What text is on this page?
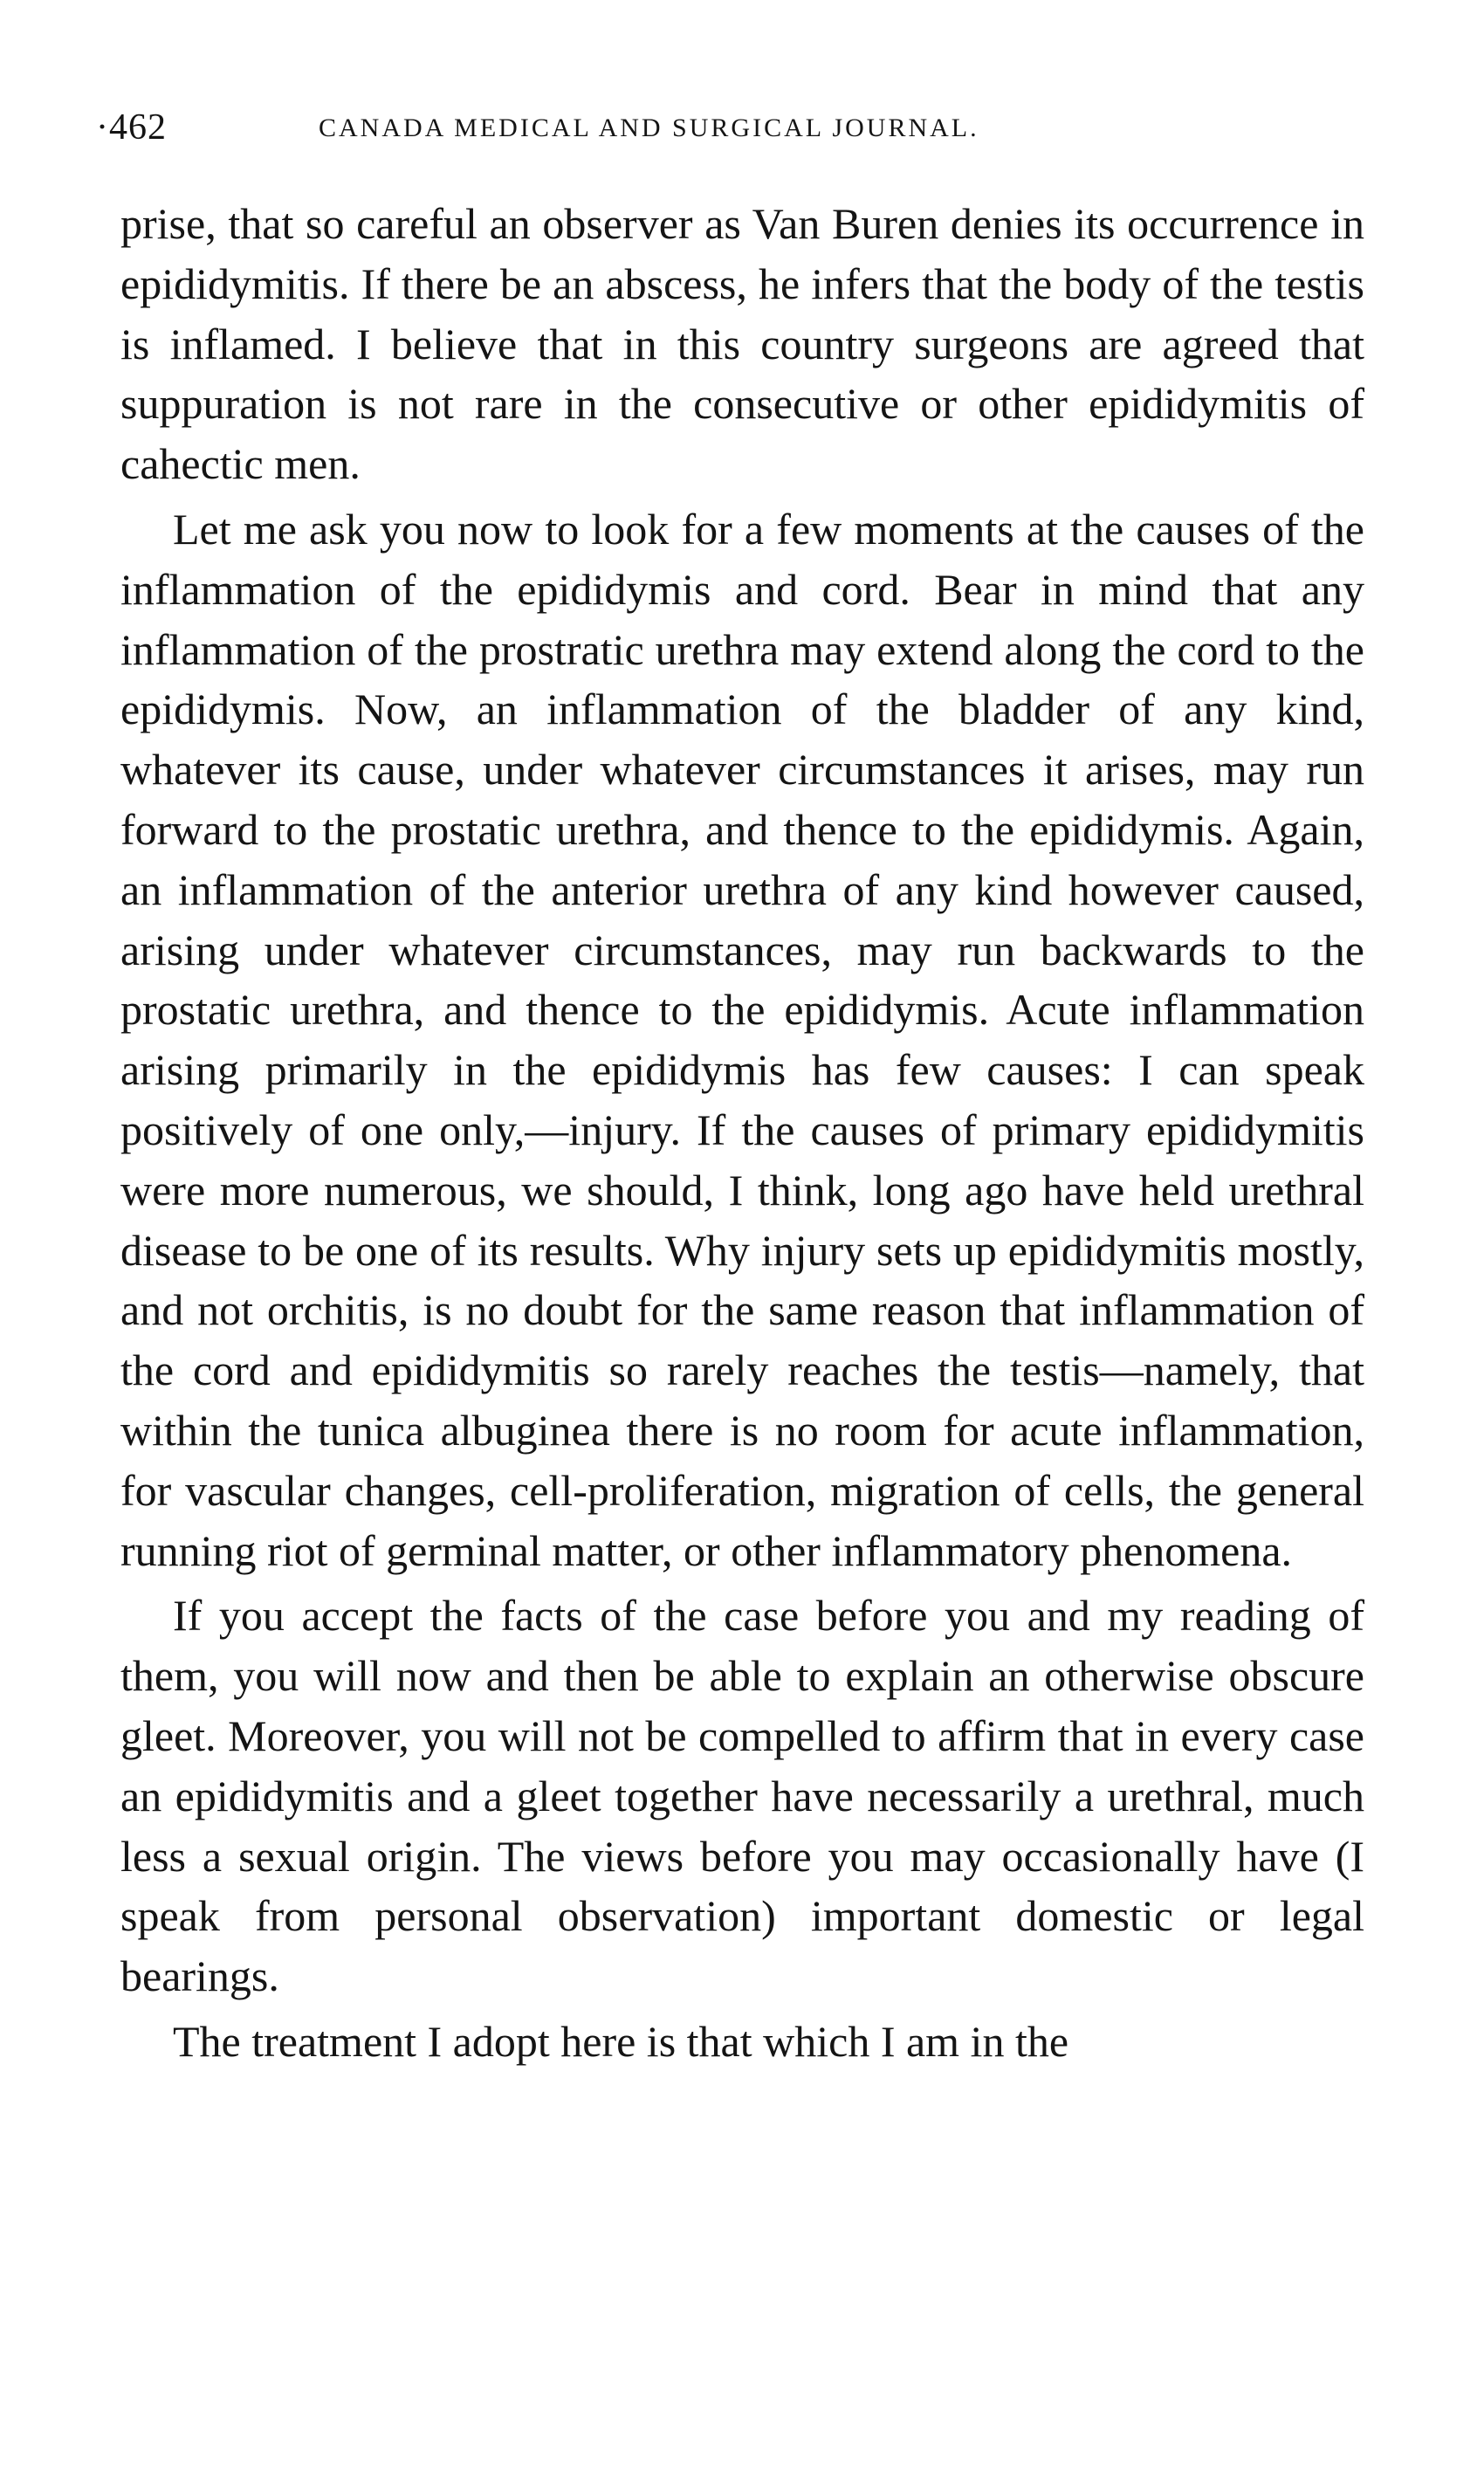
·462	CANADA MEDICAL AND SURGICAL JOURNAL.

prise, that so careful an observer as Van Buren denies its occurrence in epididymitis. If there be an abscess, he infers that the body of the testis is inflamed. I believe that in this country surgeons are agreed that suppuration is not rare in the consecutive or other epididymitis of cahectic men.

Let me ask you now to look for a few moments at the causes of the inflammation of the epididymis and cord. Bear in mind that any inflammation of the prostratic urethra may extend along the cord to the epididymis. Now, an inflammation of the bladder of any kind, whatever its cause, under whatever circumstances it arises, may run forward to the prostatic urethra, and thence to the epididymis. Again, an inflammation of the anterior urethra of any kind however caused, arising under whatever circumstances, may run backwards to the prostatic urethra, and thence to the epididymis. Acute inflammation arising primarily in the epididymis has few causes: I can speak positively of one only,—injury. If the causes of primary epididymitis were more numerous, we should, I think, long ago have held urethral disease to be one of its results. Why injury sets up epididymitis mostly, and not orchitis, is no doubt for the same reason that inflammation of the cord and epididymitis so rarely reaches the testis—namely, that within the tunica albuginea there is no room for acute inflammation, for vascular changes, cell-proliferation, migration of cells, the general running riot of germinal matter, or other inflammatory phenomena.

If you accept the facts of the case before you and my reading of them, you will now and then be able to explain an otherwise obscure gleet. Moreover, you will not be compelled to affirm that in every case an epididymitis and a gleet together have necessarily a urethral, much less a sexual origin. The views before you may occasionally have (I speak from personal observation) important domestic or legal bearings.

The treatment I adopt here is that which I am in the
